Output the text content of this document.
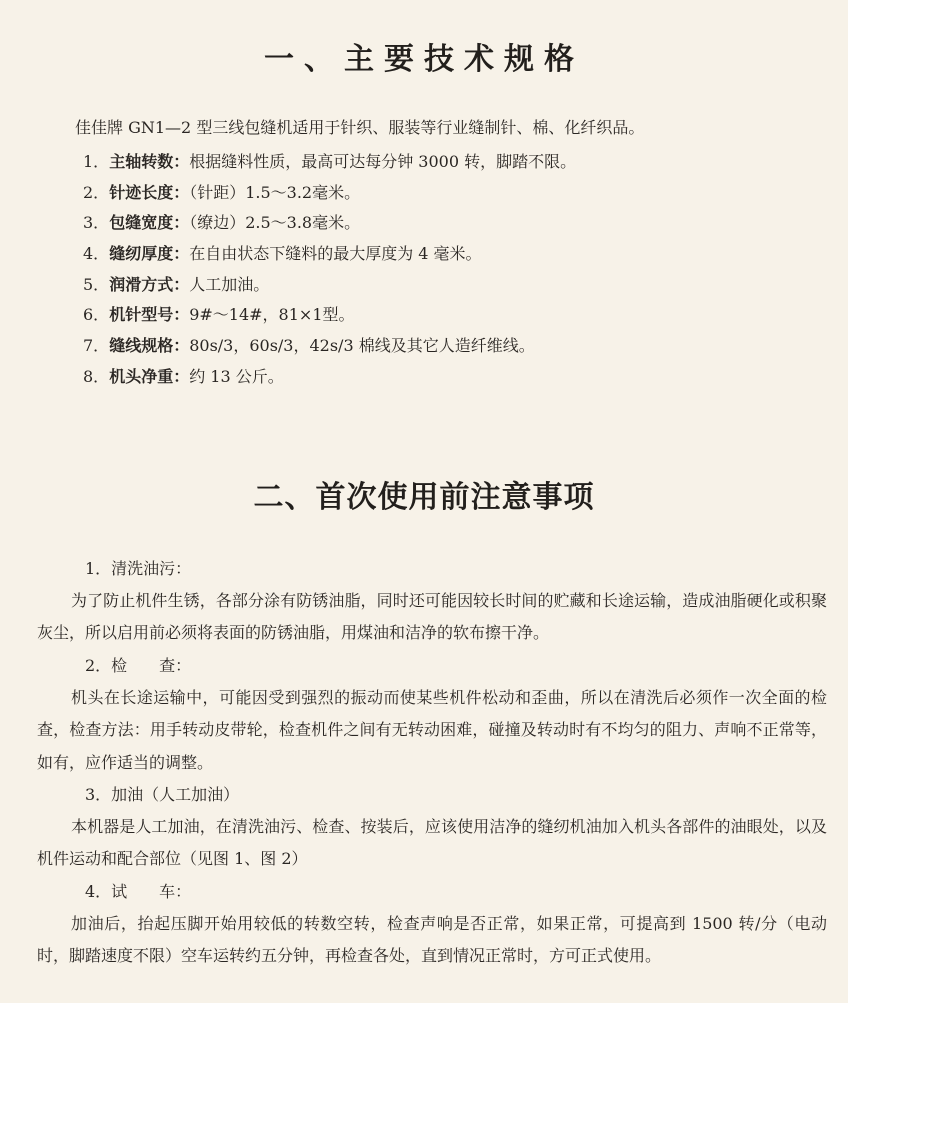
一、主要技术规格

佳佳牌 GN1—2 型三线包缝机适用于针织、服装等行业缝制针、棉、化纤织品。

1．主轴转数：根据缝料性质，最高可达每分钟 3000 转，脚踏不限。
2．针迹长度：（针距）1.5～3.2毫米。
3．包缝宽度：（缭边）2.5～3.8毫米。
4．缝纫厚度：在自由状态下缝料的最大厚度为 4 毫米。
5．润滑方式：人工加油。
6．机针型号：9#～14#，81×1型。
7．缝线规格：80s/3，60s/3，42s/3 棉线及其它人造纤维线。
8．机头净重：约 13 公斤。
二、首次使用前注意事项
1．清洗油污：

为了防止机件生锈，各部分涂有防锈油脂，同时还可能因较长时间的贮藏和长途运输，造成油脂硬化或积聚灰尘，所以启用前必须将表面的防锈油脂，用煤油和洁净的软布擦干净。

2．检　　查：

机头在长途运输中，可能因受到强烈的振动而使某些机件松动和歪曲，所以在清洗后必须作一次全面的检查，检查方法：用手转动皮带轮，检查机件之间有无转动困难，碰撞及转动时有不均匀的阻力、声响不正常等，如有，应作适当的调整。

3．加油（人工加油）

本机器是人工加油，在清洗油污、检查、按装后，应该使用洁净的缝纫机油加入机头各部件的油眼处，以及机件运动和配合部位（见图 1、图 2）

4．试　　车：

加油后，抬起压脚开始用较低的转数空转，检查声响是否正常，如果正常，可提高到 1500 转/分（电动时，脚踏速度不限）空车运转约五分钟，再检查各处，直到情况正常时，方可正式使用。
